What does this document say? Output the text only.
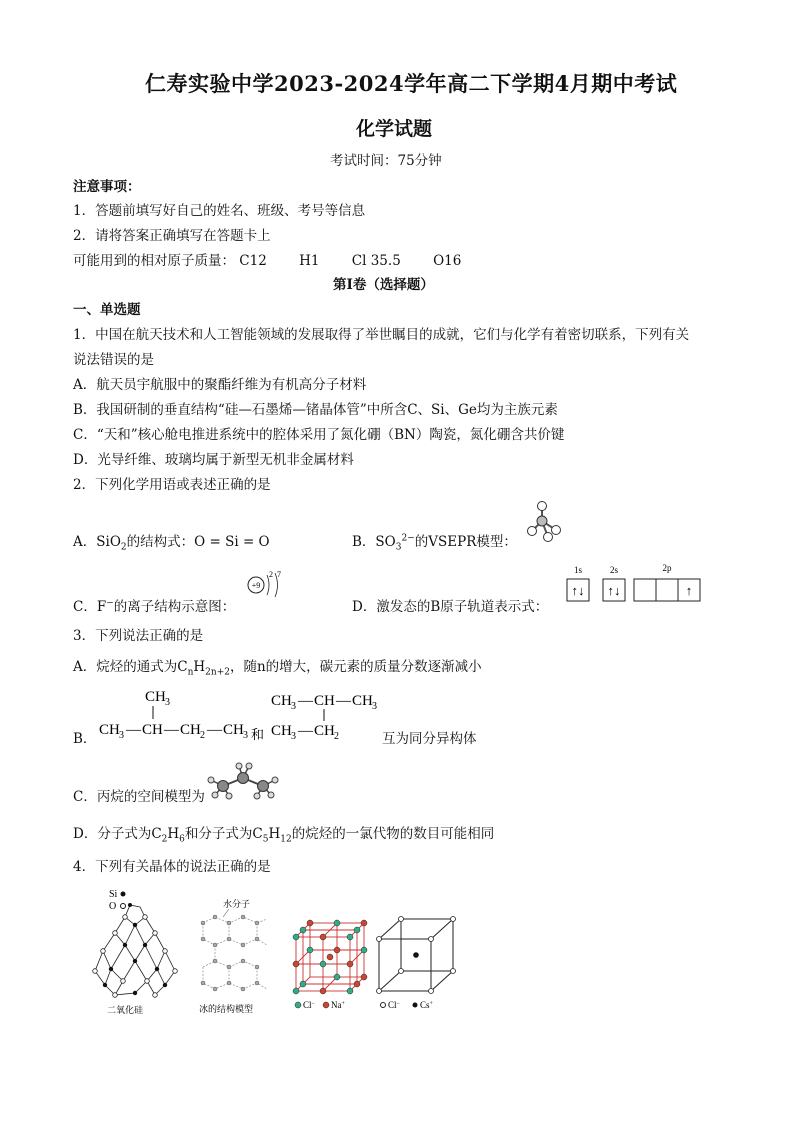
仁寿实验中学2023-2024学年高二下学期4月期中考试
化学试题
考试时间：75分钟
注意事项：
1．答题前填写好自己的姓名、班级、考号等信息
2．请将答案正确填写在答题卡上
可能用到的相对原子质量： C12 H1 Cl 35.5 O16
第I卷（选择题）
一、单选题
1．中国在航天技术和人工智能领域的发展取得了举世瞩目的成就，它们与化学有着密切联系，下列有关
说法错误的是
A．航天员宇航服中的聚酯纤维为有机高分子材料
B．我国研制的垂直结构“硅—石墨烯—锗晶体管”中所含C、Si、Ge均为主族元素
C．“天和”核心舱电推进系统中的腔体采用了氮化硼（BN）陶瓷，氮化硼含共价键
D．光导纤维、玻璃均属于新型无机非金属材料
2．下列化学用语或表述正确的是
A．SiO$_2$的结构式：O = Si = O	B．$SO_3^{2-}$的VSEPR模型：
C．F−的离子结构示意图：
+9
2 7
D．激发态的B原子轨道表示式：
1s	2s	2p
↑↓ ↑↓	↑
3．下列说法正确的是
A．烷烃的通式为$C_nH_{2n+2}$，随n的增大，碳元素的质量分数逐渐减小
B．
CH 3
CH 3 — CH — CH 2 — CH 3 和
CH 3 — CH — CH 3
CH 3 — CH 2	互为同分异构体
C．丙烷的空间模型为
D．分子式为$C_2H_6$和分子式为$C_5H_{12}$的烷烃的一氯代物的数目可能相同
4．下列有关晶体的说法正确的是
Si
O
二氧化硅
水分子
冰的结构模型	Cl− Na+	Cl− Cs+
